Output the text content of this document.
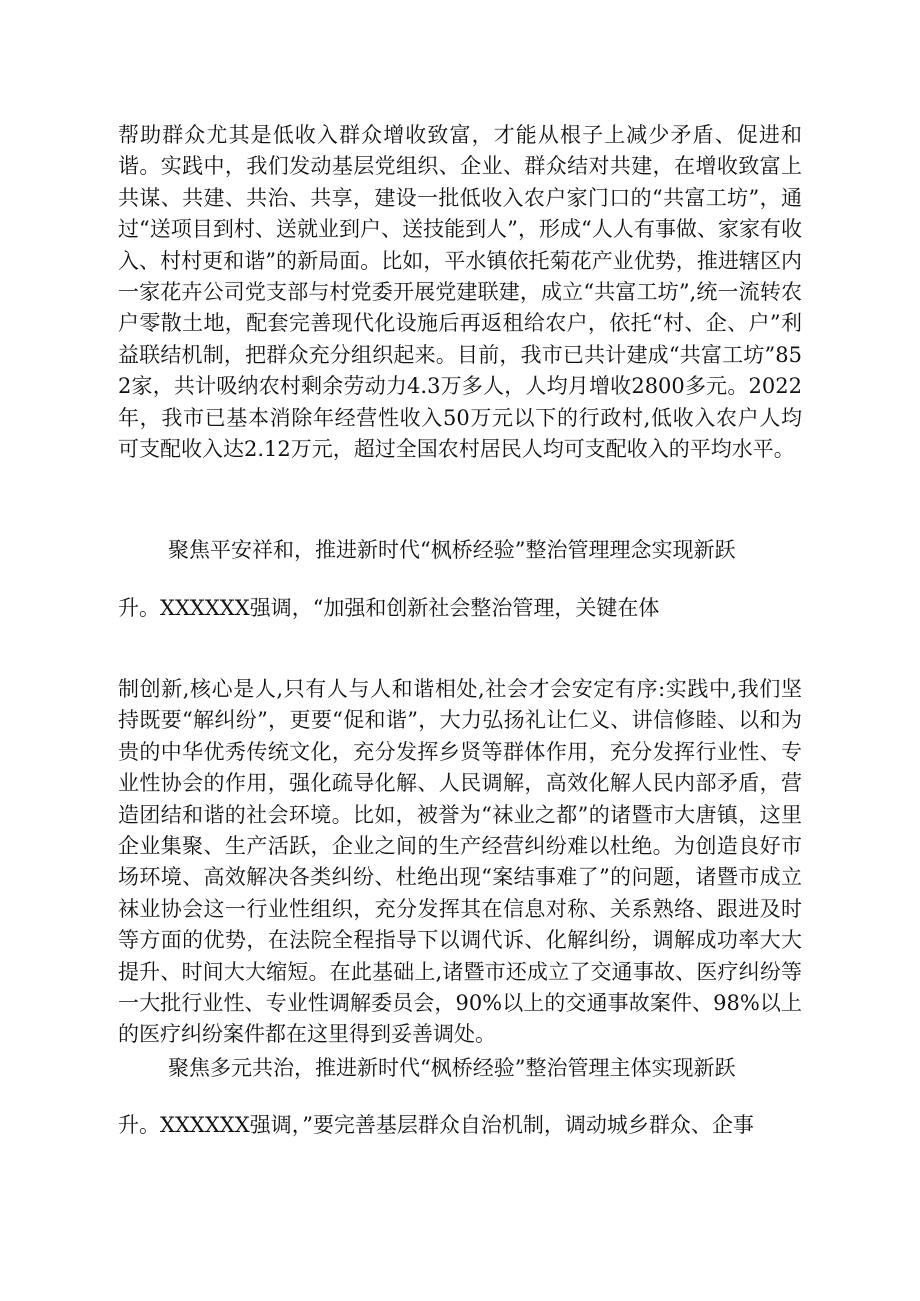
帮助群众尤其是低收入群众增收致富，才能从根子上减少矛盾、促进和谐。实践中，我们发动基层党组织、企业、群众结对共建，在增收致富上共谋、共建、共治、共享，建设一批低收入农户家门口的“共富工坊”，通过“送项目到村、送就业到户、送技能到人”，形成“人人有事做、家家有收入、村村更和谐”的新局面。比如，平水镇依托菊花产业优势，推进辖区内一家花卉公司党支部与村党委开展党建联建，成立“共富工坊”,统一流转农户零散土地，配套完善现代化设施后再返租给农户，依托“村、企、户”利益联结机制，把群众充分组织起来。目前，我市已共计建成“共富工坊”852家，共计吸纳农村剩余劳动力4.3万多人，人均月增收2800多元。2022年，我市已基本消除年经营性收入50万元以下的行政村,低收入农户人均可支配收入达2.12万元，超过全国农村居民人均可支配收入的平均水平。

聚焦平安祥和，推进新时代“枫桥经验”整治管理理念实现新跃

升。XXXXXX强调，“加强和创新社会整治管理，关键在体

制创新,核心是人,只有人与人和谐相处,社会才会安定有序:实践中,我们坚持既要“解纠纷”，更要“促和谐”，大力弘扬礼让仁义、讲信修睦、以和为贵的中华优秀传统文化，充分发挥乡贤等群体作用，充分发挥行业性、专业性协会的作用，强化疏导化解、人民调解，高效化解人民内部矛盾，营造团结和谐的社会环境。比如，被誉为“袜业之都”的诸暨市大唐镇，这里企业集聚、生产活跃，企业之间的生产经营纠纷难以杜绝。为创造良好市场环境、高效解决各类纠纷、杜绝出现“案结事难了”的问题，诸暨市成立袜业协会这一行业性组织，充分发挥其在信息对称、关系熟络、跟进及时等方面的优势，在法院全程指导下以调代诉、化解纠纷，调解成功率大大提升、时间大大缩短。在此基础上,诸暨市还成立了交通事故、医疗纠纷等一大批行业性、专业性调解委员会，90%以上的交通事故案件、98%以上的医疗纠纷案件都在这里得到妥善调处。

聚焦多元共治，推进新时代“枫桥经验”整治管理主体实现新跃

升。XXXXXX强调，”要完善基层群众自治机制，调动城乡群众、企事
